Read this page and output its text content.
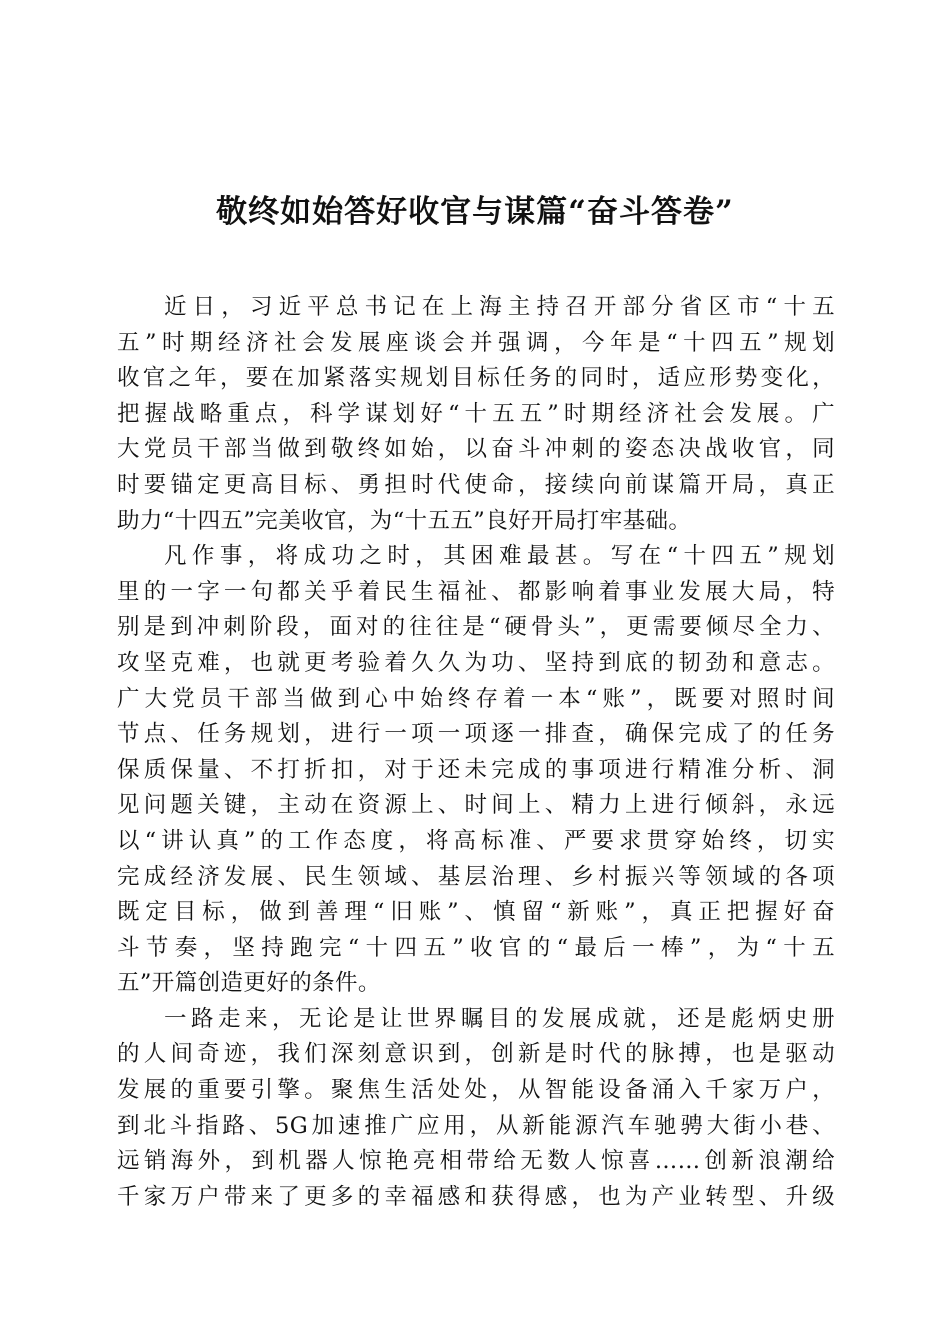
敬终如始答好收官与谋篇“奋斗答卷”
近日，习近平总书记在上海主持召开部分省区市“十五
五”时期经济社会发展座谈会并强调，今年是“十四五”规划
收官之年，要在加紧落实规划目标任务的同时，适应形势变化，
把握战略重点，科学谋划好“十五五”时期经济社会发展。广
大党员干部当做到敬终如始，以奋斗冲刺的姿态决战收官，同
时要锚定更高目标、勇担时代使命，接续向前谋篇开局，真正
助力“十四五”完美收官，为“十五五”良好开局打牢基础。
凡作事，将成功之时，其困难最甚。写在“十四五”规划
里的一字一句都关乎着民生福祉、都影响着事业发展大局，特
别是到冲刺阶段，面对的往往是“硬骨头”，更需要倾尽全力、
攻坚克难，也就更考验着久久为功、坚持到底的韧劲和意志。
广大党员干部当做到心中始终存着一本“账”，既要对照时间
节点、任务规划，进行一项一项逐一排查，确保完成了的任务
保质保量、不打折扣，对于还未完成的事项进行精准分析、洞
见问题关键，主动在资源上、时间上、精力上进行倾斜，永远
以“讲认真”的工作态度，将高标准、严要求贯穿始终，切实
完成经济发展、民生领域、基层治理、乡村振兴等领域的各项
既定目标，做到善理“旧账”、慎留“新账”，真正把握好奋
斗节奏，坚持跑完“十四五”收官的“最后一棒”，为“十五
五”开篇创造更好的条件。
一路走来，无论是让世界瞩目的发展成就，还是彪炳史册
的人间奇迹，我们深刻意识到，创新是时代的脉搏，也是驱动
发展的重要引擎。聚焦生活处处，从智能设备涌入千家万户，
到北斗指路、5G加速推广应用，从新能源汽车驰骋大街小巷、
远销海外，到机器人惊艳亮相带给无数人惊喜……创新浪潮给
千家万户带来了更多的幸福感和获得感，也为产业转型、升级
